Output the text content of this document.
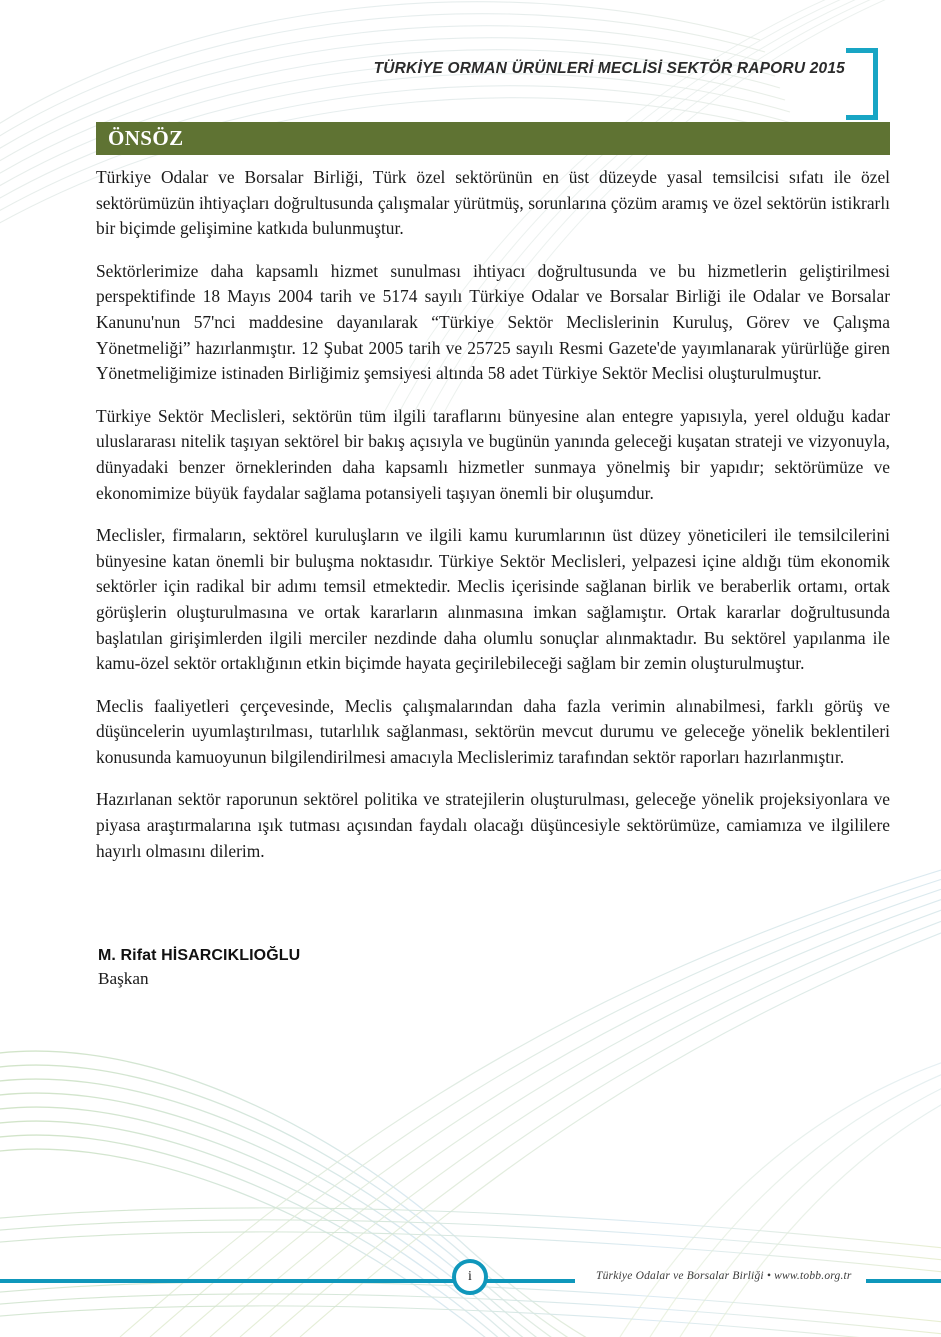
TÜRKİYE ORMAN ÜRÜNLERİ MECLİSİ SEKTÖR RAPORU 2015
ÖNSÖZ

Türkiye Odalar ve Borsalar Birliği, Türk özel sektörünün en üst düzeyde yasal temsilcisi sıfatı ile özel sektörümüzün ihtiyaçları doğrultusunda çalışmalar yürütmüş, sorunlarına çözüm aramış ve özel sektörün istikrarlı bir biçimde gelişimine katkıda bulunmuştur.

Sektörlerimize daha kapsamlı hizmet sunulması ihtiyacı doğrultusunda ve bu hizmetlerin geliştirilmesi perspektifinde 18 Mayıs 2004 tarih ve 5174 sayılı Türkiye Odalar ve Borsalar Birliği ile Odalar ve Borsalar Kanunu'nun 57'nci maddesine dayanılarak “Türkiye Sektör Meclislerinin Kuruluş, Görev ve Çalışma Yönetmeliği” hazırlanmıştır. 12 Şubat 2005 tarih ve 25725 sayılı Resmi Gazete'de yayımlanarak yürürlüğe giren Yönetmeliğimize istinaden Birliğimiz şemsiyesi altında 58 adet Türkiye Sektör Meclisi oluşturulmuştur.

Türkiye Sektör Meclisleri, sektörün tüm ilgili taraflarını bünyesine alan entegre yapısıyla, yerel olduğu kadar uluslararası nitelik taşıyan sektörel bir bakış açısıyla ve bugünün yanında geleceği kuşatan strateji ve vizyonuyla, dünyadaki benzer örneklerinden daha kapsamlı hizmetler sunmaya yönelmiş bir yapıdır; sektörümüze ve ekonomimize büyük faydalar sağlama potansiyeli taşıyan önemli bir oluşumdur.

Meclisler, firmaların, sektörel kuruluşların ve ilgili kamu kurumlarının üst düzey yöneticileri ile temsilcilerini bünyesine katan önemli bir buluşma noktasıdır. Türkiye Sektör Meclisleri, yelpazesi içine aldığı tüm ekonomik sektörler için radikal bir adımı temsil etmektedir. Meclis içerisinde sağlanan birlik ve beraberlik ortamı, ortak görüşlerin oluşturulmasına ve ortak kararların alınmasına imkan sağlamıştır. Ortak kararlar doğrultusunda başlatılan girişimlerden ilgili merciler nezdinde daha olumlu sonuçlar alınmaktadır. Bu sektörel yapılanma ile kamu-özel sektör ortaklığının etkin biçimde hayata geçirilebileceği sağlam bir zemin oluşturulmuştur.

Meclis faaliyetleri çerçevesinde, Meclis çalışmalarından daha fazla verimin alınabilmesi, farklı görüş ve düşüncelerin uyumlaştırılması, tutarlılık sağlanması, sektörün mevcut durumu ve geleceğe yönelik beklentileri konusunda kamuoyunun bilgilendirilmesi amacıyla Meclislerimiz tarafından sektör raporları hazırlanmıştır.

Hazırlanan sektör raporunun sektörel politika ve stratejilerin oluşturulması, geleceğe yönelik projeksiyonlara ve piyasa araştırmalarına ışık tutması açısından faydalı olacağı düşüncesiyle sektörümüze, camiamıza ve ilgililere hayırlı olmasını dilerim.

M. Rifat HİSARCIKLIOĞLU
Başkan
i	Türkiye Odalar ve Borsalar Birliği • www.tobb.org.tr
